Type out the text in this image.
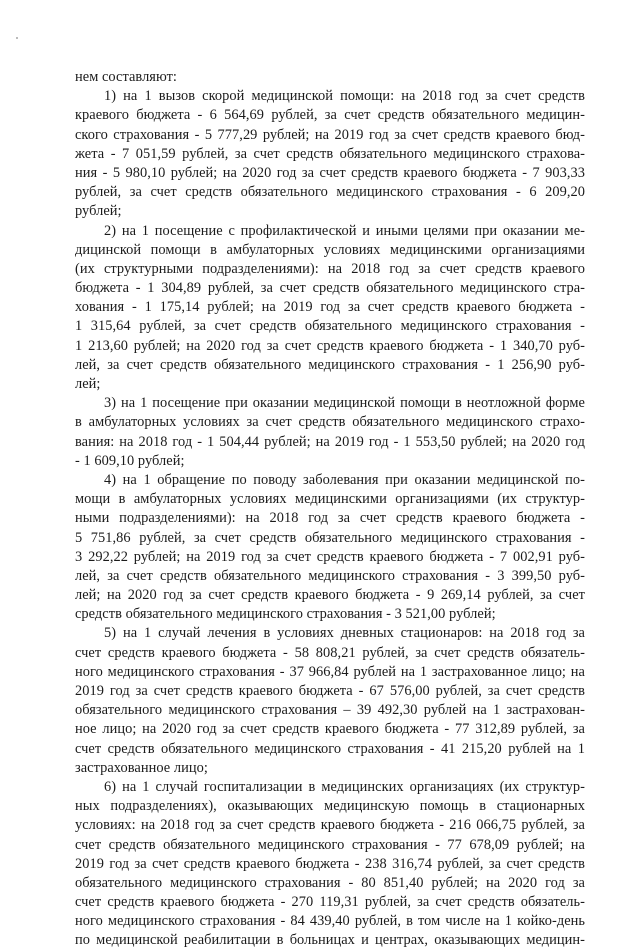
нем составляют:
1) на 1 вызов скорой медицинской помощи: на 2018 год за счет средств
краевого бюджета - 6 564,69 рублей, за счет средств обязательного медицин-
ского страхования - 5 777,29 рублей; на 2019 год за счет средств краевого бюд-
жета - 7 051,59 рублей, за счет средств обязательного медицинского страхова-
ния - 5 980,10 рублей; на 2020 год за счет средств краевого бюджета - 7 903,33
рублей, за счет средств обязательного медицинского страхования - 6 209,20
рублей;
2) на 1 посещение с профилактической и иными целями при оказании ме-
дицинской помощи в амбулаторных условиях медицинскими организациями
(их структурными подразделениями): на 2018 год за счет средств краевого
бюджета - 1 304,89 рублей, за счет средств обязательного медицинского стра-
хования - 1 175,14 рублей; на 2019 год за счет средств краевого бюджета -
1 315,64 рублей, за счет средств обязательного медицинского страхования -
1 213,60 рублей; на 2020 год за счет средств краевого бюджета - 1 340,70 руб-
лей, за счет средств обязательного медицинского страхования - 1 256,90 руб-
лей;
3) на 1 посещение при оказании медицинской помощи в неотложной форме
в амбулаторных условиях за счет средств обязательного медицинского страхо-
вания: на 2018 год - 1 504,44 рублей; на 2019 год - 1 553,50 рублей; на 2020 год
- 1 609,10 рублей;
4) на 1 обращение по поводу заболевания при оказании медицинской по-
мощи в амбулаторных условиях медицинскими организациями (их структур-
ными подразделениями): на 2018 год за счет средств краевого бюджета -
5 751,86 рублей, за счет средств обязательного медицинского страхования -
3 292,22 рублей; на 2019 год за счет средств краевого бюджета - 7 002,91 руб-
лей, за счет средств обязательного медицинского страхования - 3 399,50 руб-
лей; на 2020 год за счет средств краевого бюджета - 9 269,14 рублей, за счет
средств обязательного медицинского страхования - 3 521,00 рублей;
5) на 1 случай лечения в условиях дневных стационаров: на 2018 год за
счет средств краевого бюджета - 58 808,21 рублей, за счет средств обязатель-
ного медицинского страхования - 37 966,84 рублей на 1 застрахованное лицо; на
2019 год за счет средств краевого бюджета - 67 576,00 рублей, за счет средств
обязательного медицинского страхования – 39 492,30 рублей на 1 застрахован-
ное лицо; на 2020 год за счет средств краевого бюджета - 77 312,89 рублей, за
счет средств обязательного медицинского страхования - 41 215,20 рублей на 1
застрахованное лицо;
6) на 1 случай госпитализации в медицинских организациях (их структур-
ных подразделениях), оказывающих медицинскую помощь в стационарных
условиях: на 2018 год за счет средств краевого бюджета - 216 066,75 рублей, за
счет средств обязательного медицинского страхования - 77 678,09 рублей; на
2019 год за счет средств краевого бюджета - 238 316,74 рублей, за счет средств
обязательного медицинского страхования - 80 851,40 рублей; на 2020 год за
счет средств краевого бюджета - 270 119,31 рублей, за счет средств обязатель-
ного медицинского страхования - 84 439,40 рублей, в том числе на 1 койко-день
по медицинской реабилитации в больницах и центрах, оказывающих медицин-
